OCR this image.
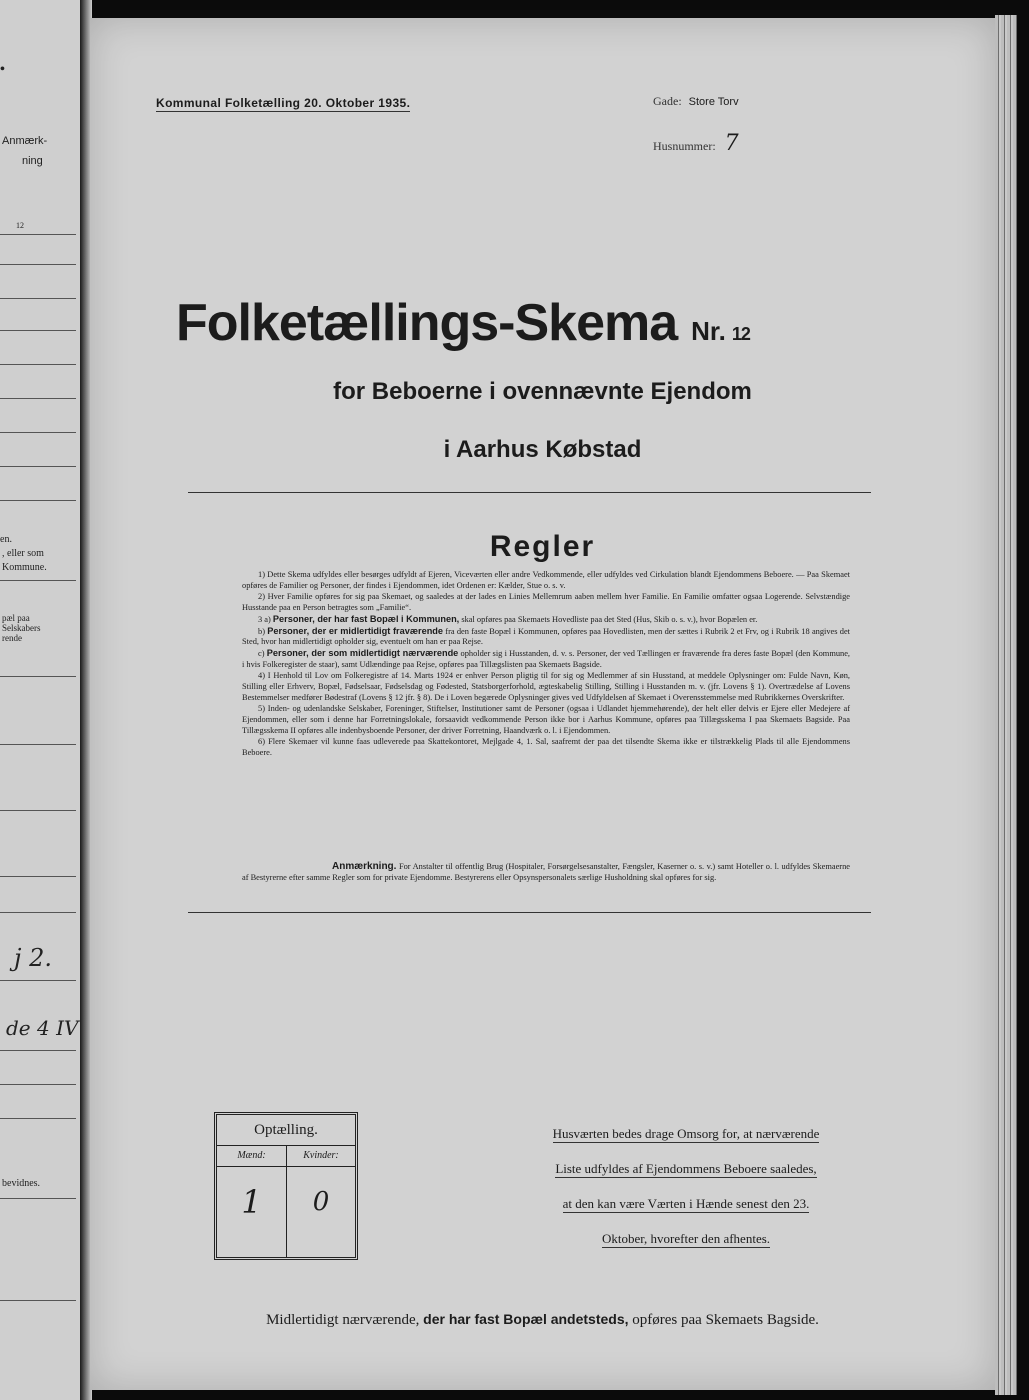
•
Anmærk-
ning
12
en.
, eller som
Kommune.
pæl paa
Selskabers
rende
j 2.
de 4 IV
bevidnes.
Kommunal Folketælling 20. Oktober 1935.	Gade: Store Torv
Husnummer: 7
Folketællings-Skema Nr. 12
for Beboerne i ovennævnte Ejendom
i Aarhus Købstad
Regler

1) Dette Skema udfyldes eller besørges udfyldt af Ejeren, Viceværten eller andre Vedkommende, eller udfyldes ved Cirkulation blandt Ejendommens Beboere. — Paa Skemaet opføres de Familier og Personer, der findes i Ejendommen, idet Ordenen er: Kælder, Stue o. s. v.

2) Hver Familie opføres for sig paa Skemaet, og saaledes at der lades en Linies Mellemrum aaben mellem hver Familie. En Familie omfatter ogsaa Logerende. Selvstændige Husstande paa en Person betragtes som „Familie“.

3 a) Personer, der har fast Bopæl i Kommunen, skal opføres paa Skemaets Hovedliste paa det Sted (Hus, Skib o. s. v.), hvor Bopælen er.

b) Personer, der er midlertidigt fraværende fra den faste Bopæl i Kommunen, opføres paa Hovedlisten, men der sættes i Rubrik 2 et Frv, og i Rubrik 18 angives det Sted, hvor han midlertidigt opholder sig, eventuelt om han er paa Rejse.

c) Personer, der som midlertidigt nærværende opholder sig i Husstanden, d. v. s. Personer, der ved Tællingen er fraværende fra deres faste Bopæl (den Kommune, i hvis Folkeregister de staar), samt Udlændinge paa Rejse, opføres paa Tillægslisten paa Skemaets Bagside.

4) I Henhold til Lov om Folkeregistre af 14. Marts 1924 er enhver Person pligtig til for sig og Medlemmer af sin Husstand, at meddele Oplysninger om: Fulde Navn, Køn, Stilling eller Erhverv, Bopæl, Fødselsaar, Fødselsdag og Fødested, Statsborgerforhold, ægteskabelig Stilling, Stilling i Husstanden m. v. (jfr. Lovens § 1). Overtrædelse af Lovens Bestemmelser medfører Bødestraf (Lovens § 12 jfr. § 8). De i Loven begærede Oplysninger gives ved Udfyldelsen af Skemaet i Overensstemmelse med Rubrikkernes Overskrifter.

5) Inden- og udenlandske Selskaber, Foreninger, Stiftelser, Institutioner samt de Personer (ogsaa i Udlandet hjemmehørende), der helt eller delvis er Ejere eller Medejere af Ejendommen, eller som i denne har Forretningslokale, forsaavidt vedkommende Person ikke bor i Aarhus Kommune, opføres paa Tillægsskema I paa Skemaets Bagside. Paa Tillægsskema II opføres alle indenbysboende Personer, der driver Forretning, Haandværk o. l. i Ejendommen.

6) Flere Skemaer vil kunne faas udleverede paa Skattekontoret, Mejlgade 4, 1. Sal, saafremt der paa det tilsendte Skema ikke er tilstrækkelig Plads til alle Ejendommens Beboere.

Anmærkning. For Anstalter til offentlig Brug (Hospitaler, Forsørgelsesanstalter, Fængsler, Kaserner o. s. v.) samt Hoteller o. l. udfyldes Skemaerne af Bestyrerne efter samme Regler som for private Ejendomme. Bestyrerens eller Opsynspersonalets særlige Husholdning skal opføres for sig.

Optælling.
Mænd:	Kvinder:
1	0
Husværten bedes drage Omsorg for, at nærværende
Liste udfyldes af Ejendommens Beboere saaledes,
at den kan være Værten i Hænde senest den 23.
Oktober, hvorefter den afhentes.
Midlertidigt nærværende, der har fast Bopæl andetsteds, opføres paa Skemaets Bagside.
